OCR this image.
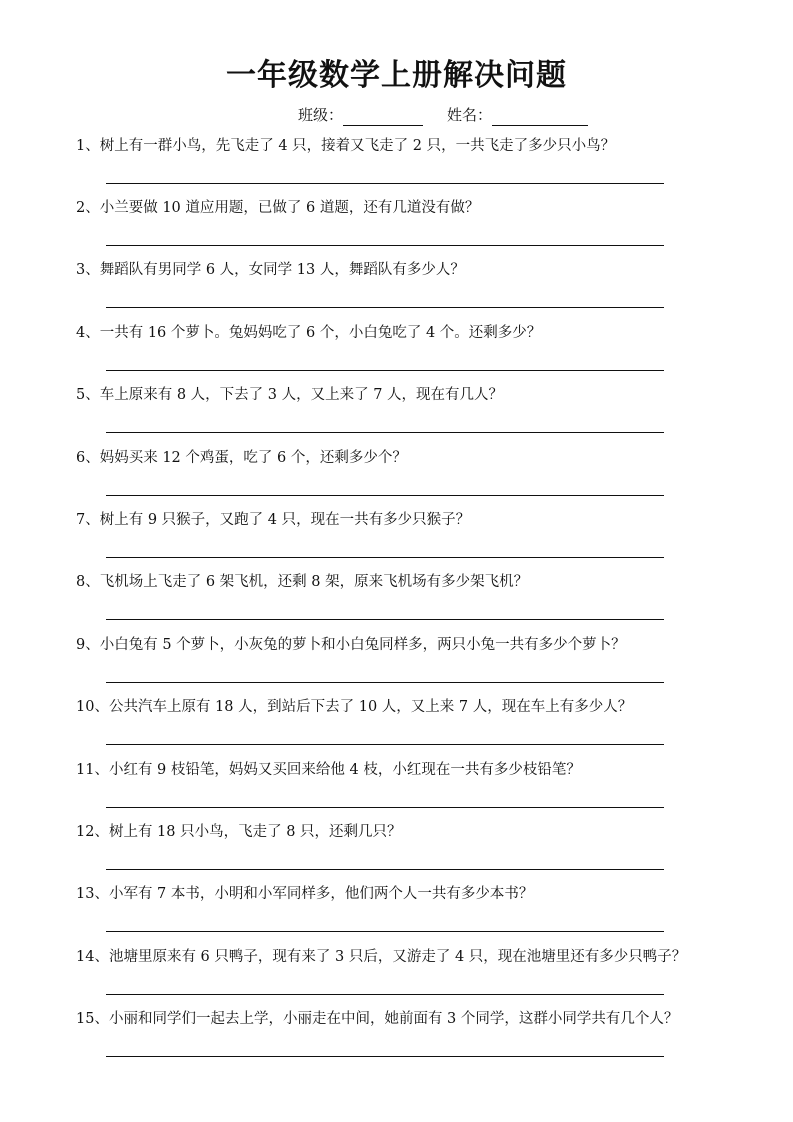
一年级数学上册解决问题
班级：	姓名：
1、树上有一群小鸟，先飞走了 4 只，接着又飞走了 2 只，一共飞走了多少只小鸟？
2、小兰要做 10 道应用题，已做了 6 道题，还有几道没有做？
3、舞蹈队有男同学 6 人，女同学 13 人，舞蹈队有多少人？
4、一共有 16 个萝卜。兔妈妈吃了 6 个，小白兔吃了 4 个。还剩多少？
5、车上原来有 8 人，下去了 3 人，又上来了 7 人，现在有几人？
6、妈妈买来 12 个鸡蛋，吃了 6 个，还剩多少个？
7、树上有 9 只猴子，又跑了 4 只，现在一共有多少只猴子？
8、飞机场上飞走了 6 架飞机，还剩 8 架，原来飞机场有多少架飞机？
9、小白兔有 5 个萝卜，小灰兔的萝卜和小白兔同样多，两只小兔一共有多少个萝卜？
10、公共汽车上原有 18 人，到站后下去了 10 人，又上来 7 人，现在车上有多少人？
11、小红有 9 枝铅笔，妈妈又买回来给他 4 枝，小红现在一共有多少枝铅笔？
12、树上有 18 只小鸟，飞走了 8 只，还剩几只？
13、小军有 7 本书，小明和小军同样多，他们两个人一共有多少本书？
14、池塘里原来有 6 只鸭子，现有来了 3 只后，又游走了 4 只，现在池塘里还有多少只鸭子？
15、小丽和同学们一起去上学，小丽走在中间，她前面有 3 个同学，这群小同学共有几个人？
